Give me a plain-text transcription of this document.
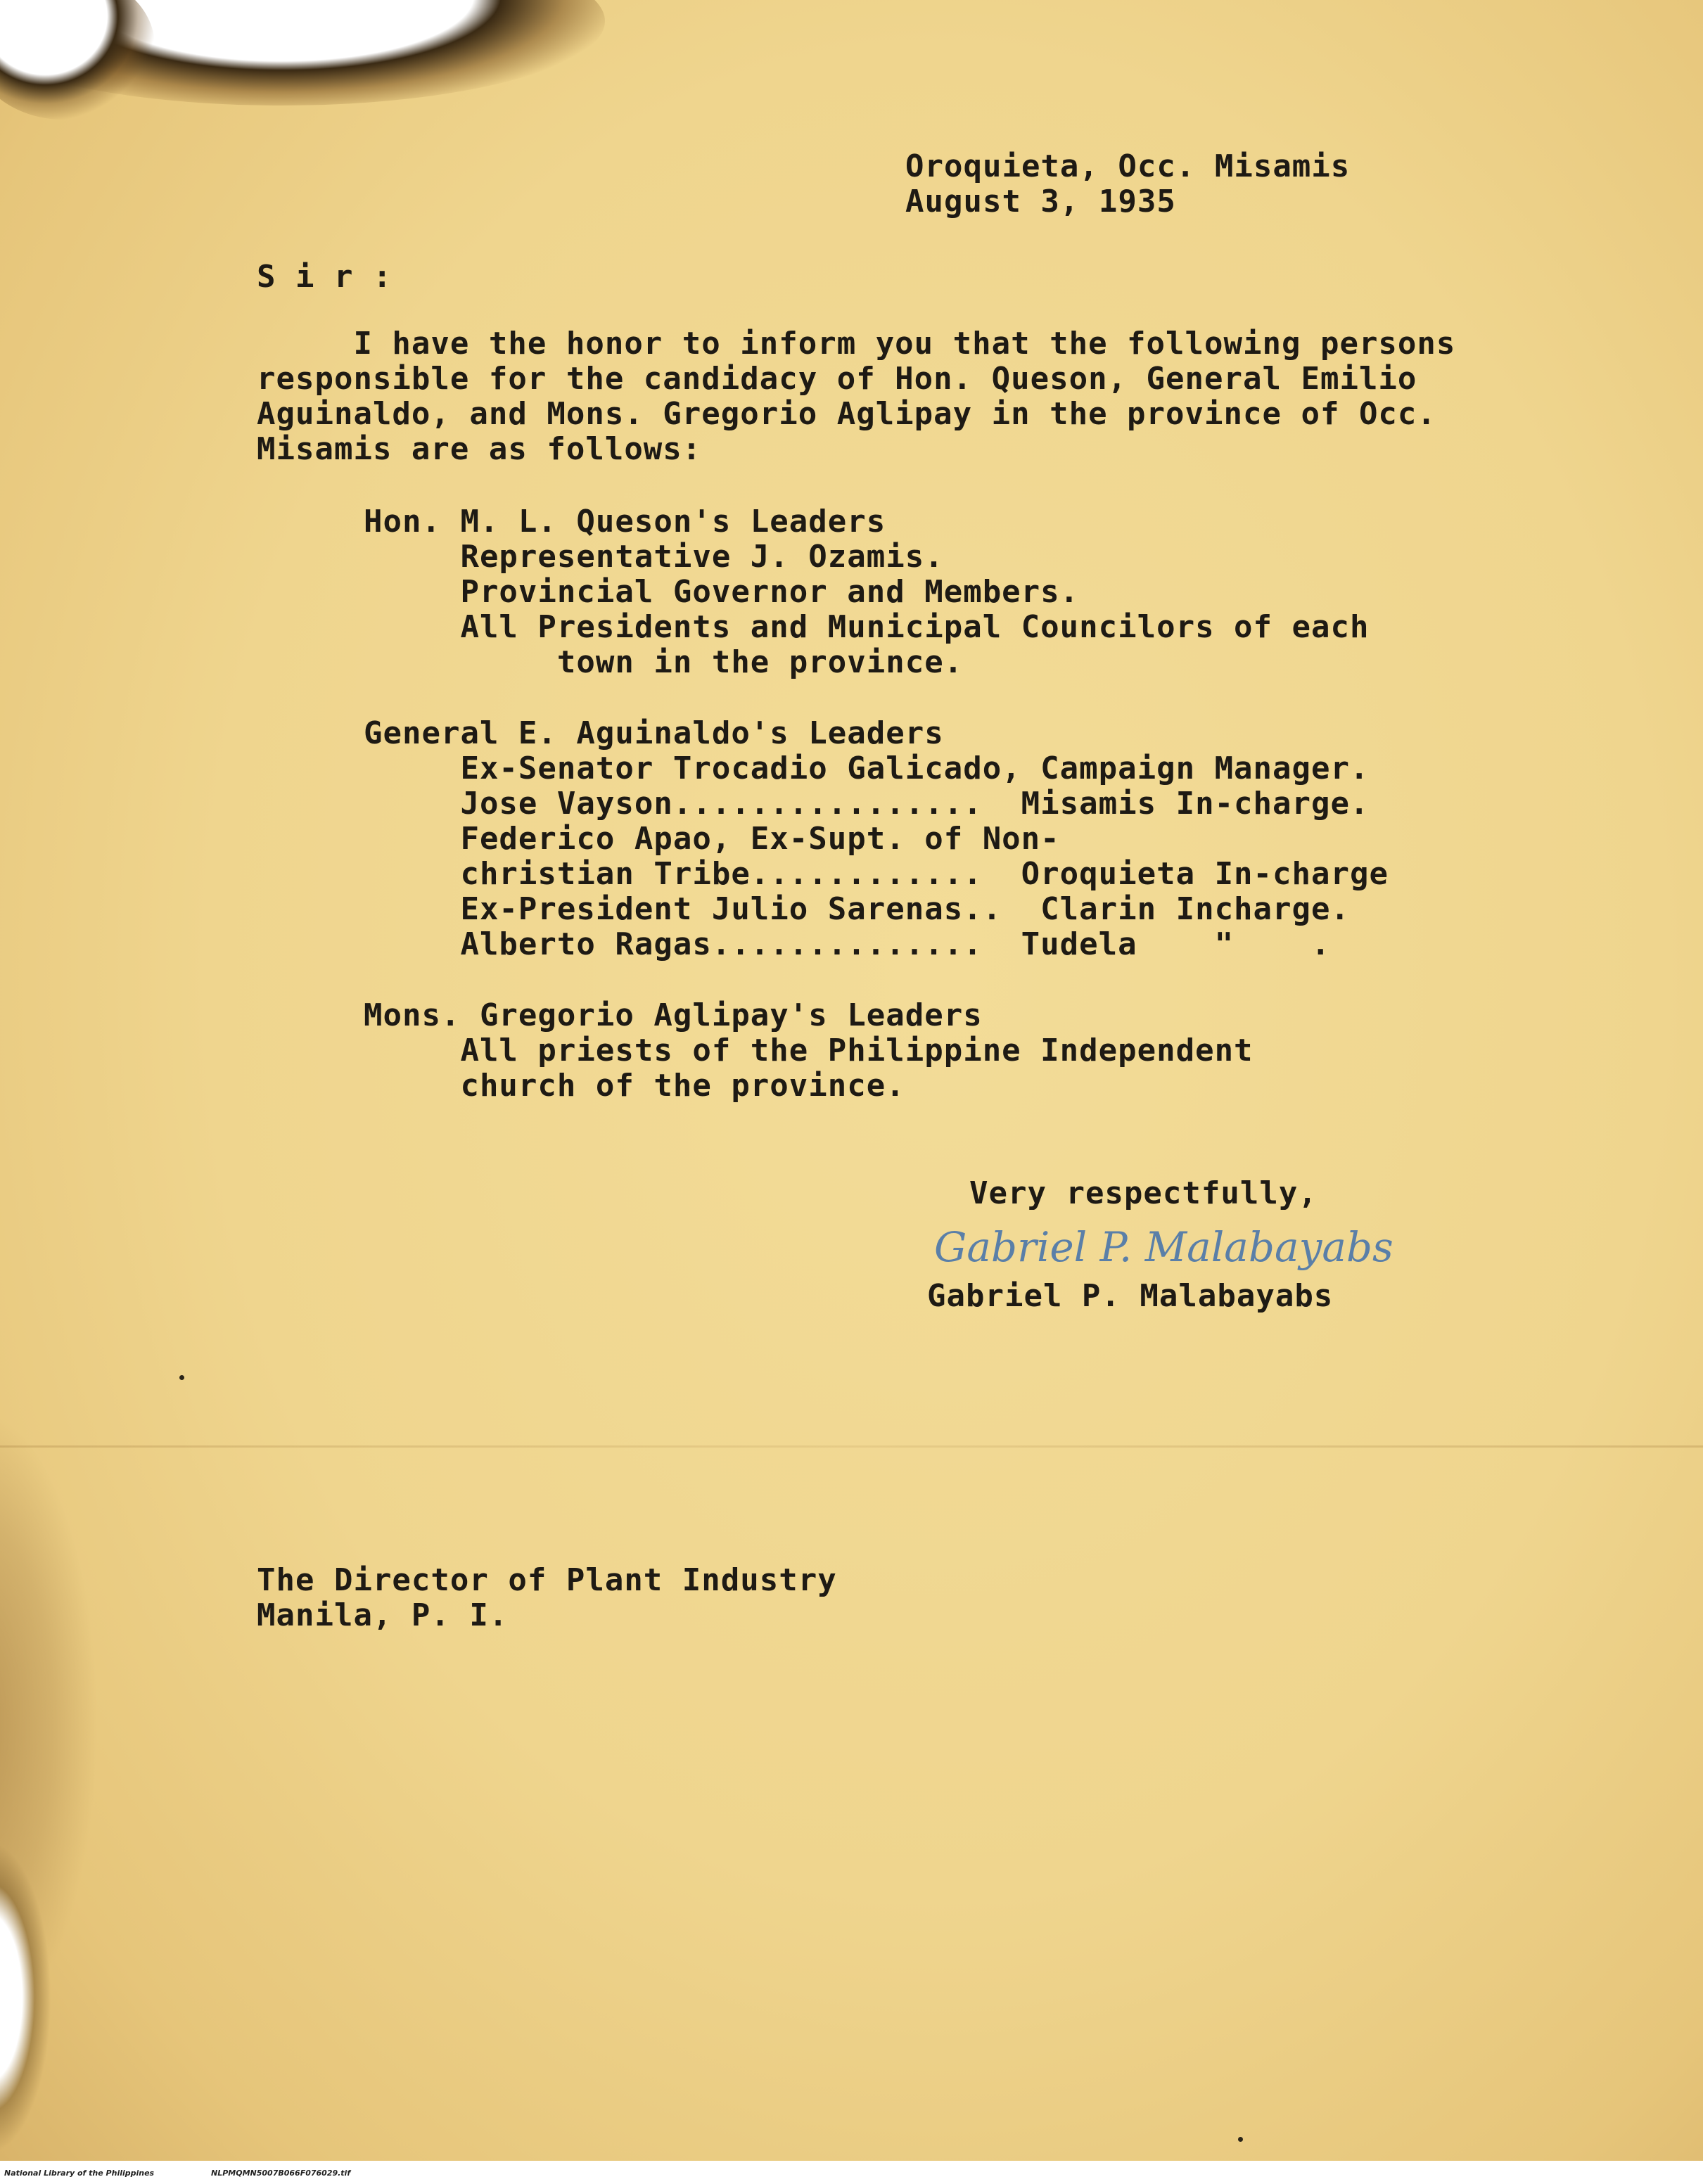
Oroquieta, Occ. Misamis
August 3, 1935
S i r :
I have the honor to inform you that the following persons
responsible for the candidacy of Hon. Queson, General Emilio
Aguinaldo, and Mons. Gregorio Aglipay in the province of Occ.
Misamis are as follows:
Hon. M. L. Queson's Leaders
Representative J. Ozamis.
Provincial Governor and Members.
All Presidents and Municipal Councilors of each
town in the province.
General E. Aguinaldo's Leaders
Ex-Senator Trocadio Galicado, Campaign Manager.
Jose Vayson................  Misamis In-charge.
Federico Apao, Ex-Supt. of Non-
christian Tribe............  Oroquieta In-charge
Ex-President Julio Sarenas..  Clarin Incharge.
Alberto Ragas..............  Tudela    "    .
Mons. Gregorio Aglipay's Leaders
All priests of the Philippine Independent
church of the province.
Very respectfully,
Gabriel P. Malabayabs
Gabriel P. Malabayabs
The Director of Plant Industry
Manila, P. I.
National Library of the Philippines	NLPMQMN5007B066F076029.tif
